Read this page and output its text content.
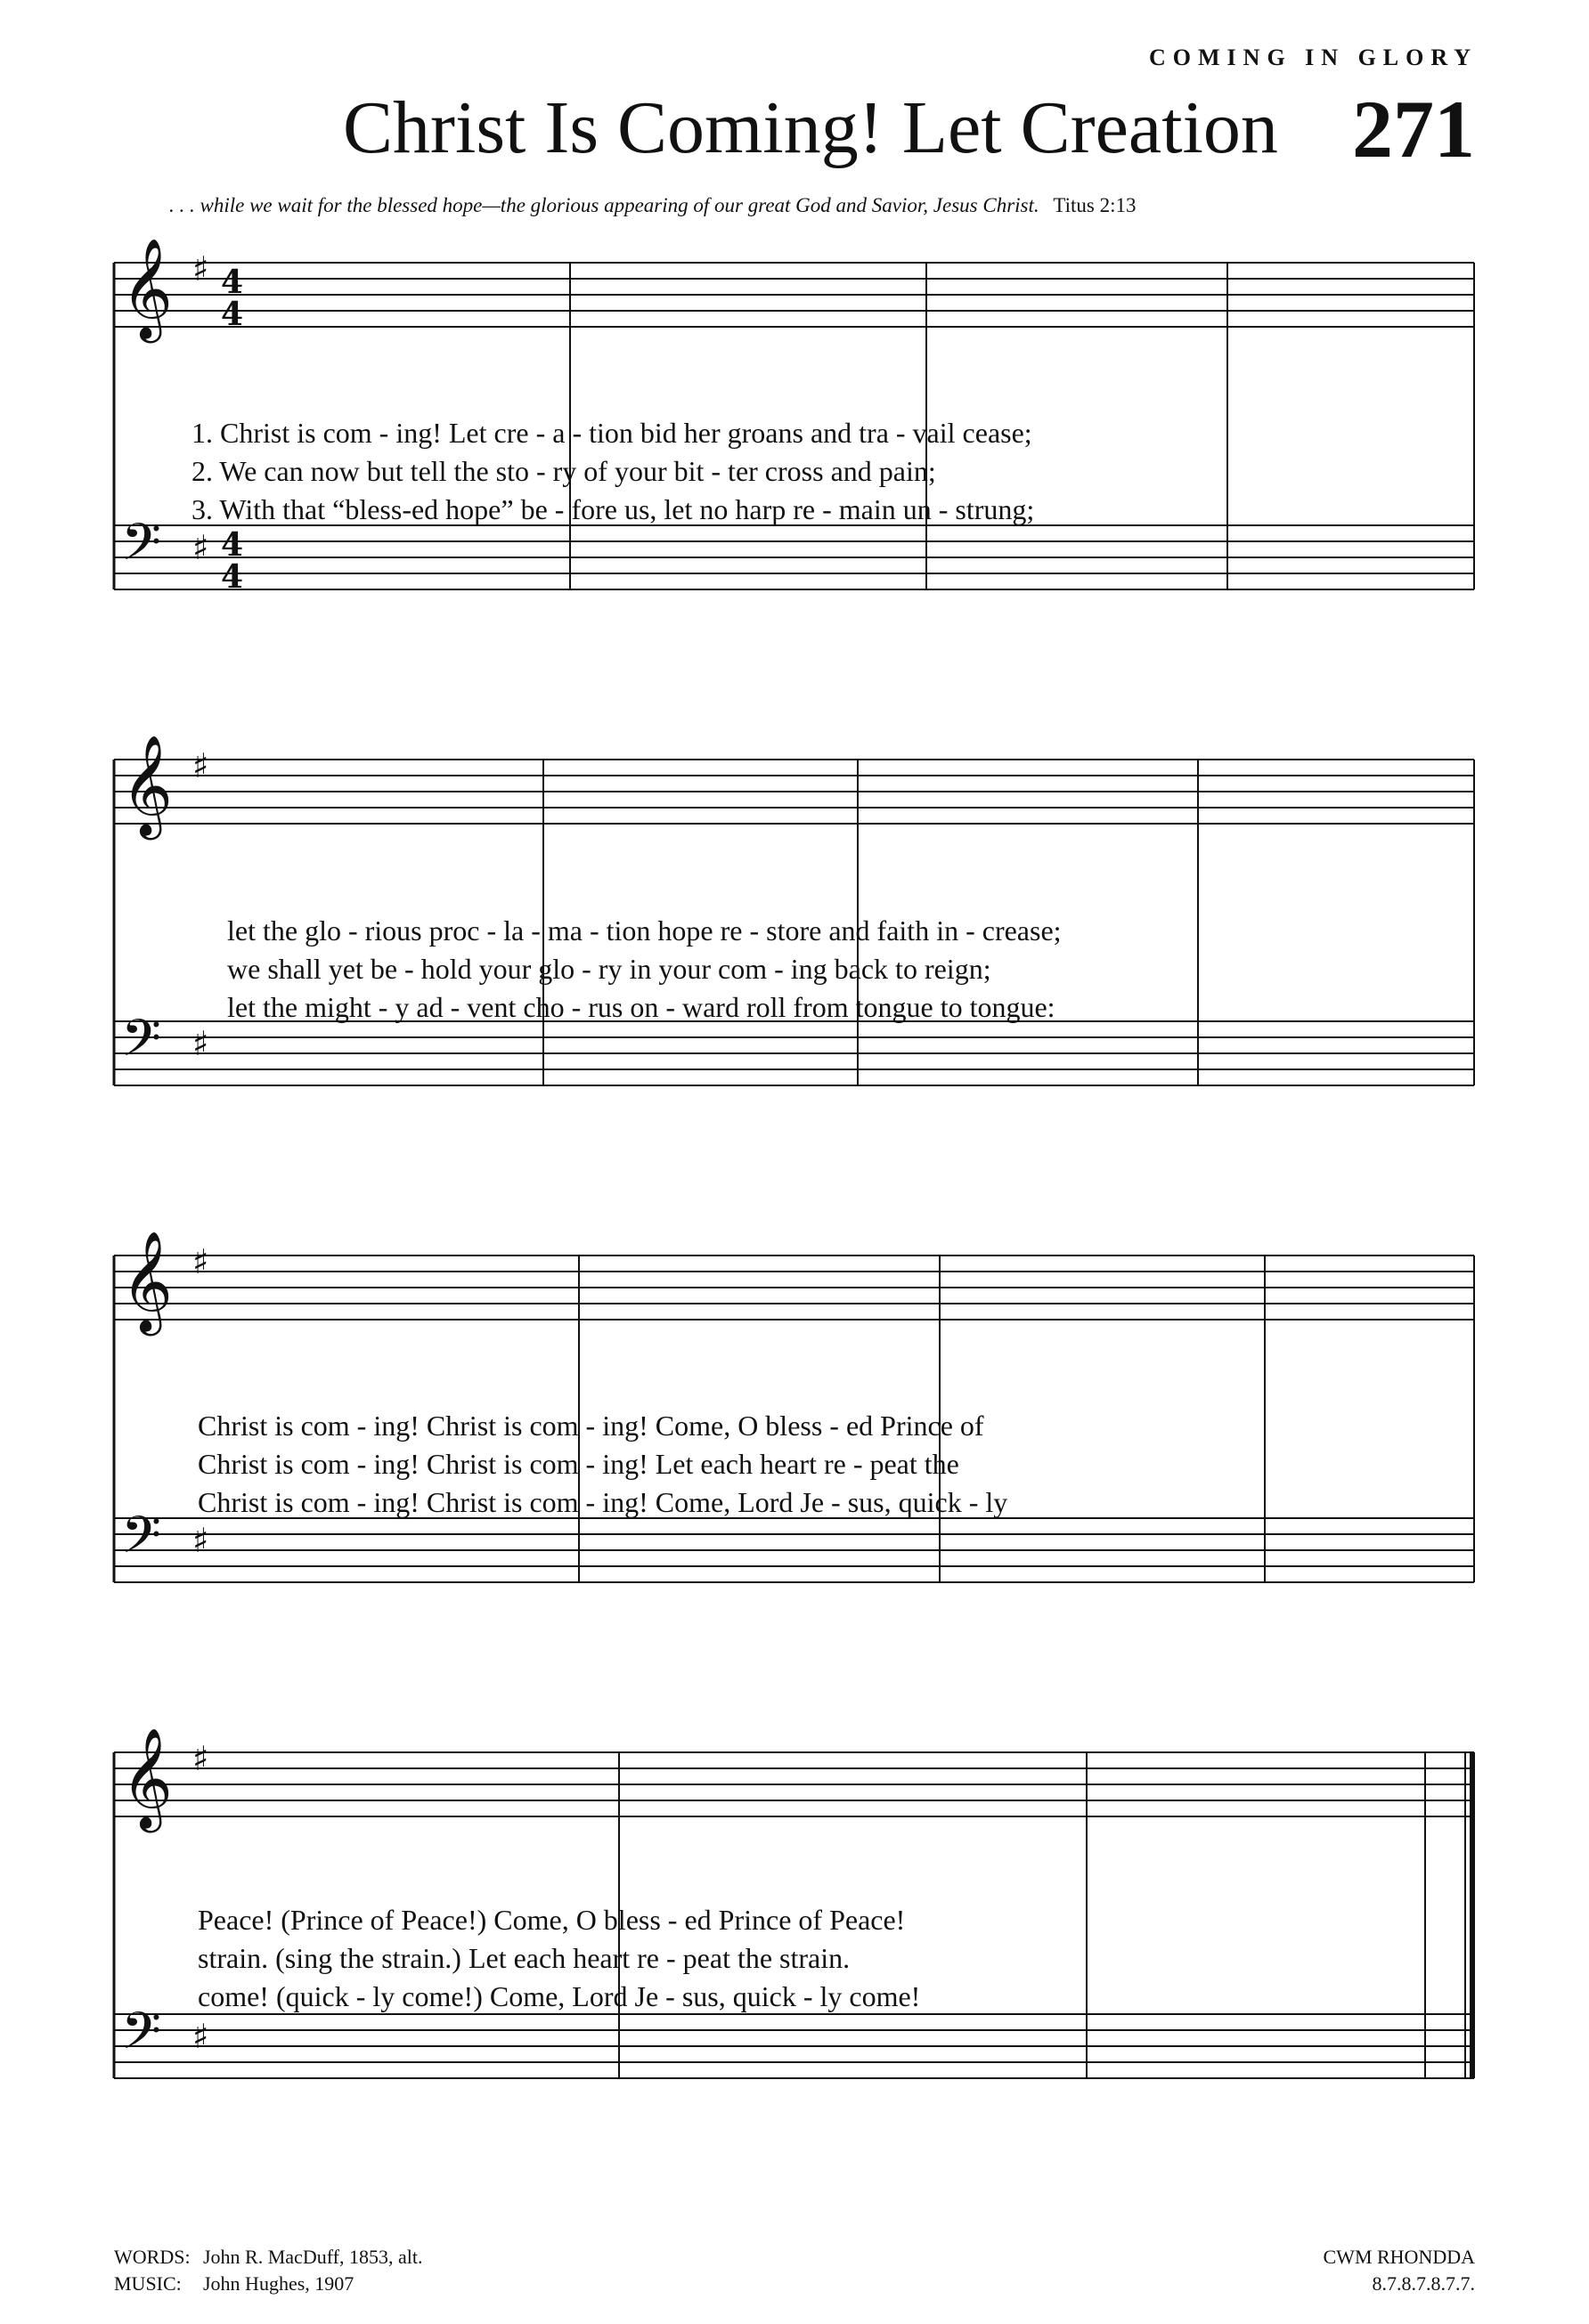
COMING IN GLORY
Christ Is Coming! Let Creation 271
. . . while we wait for the blessed hope—the glorious appearing of our great God and Savior, Jesus Christ. Titus 2:13
𝄞 ♯ 4
4
𝄢 ♯ 4
4
𝄞 ♯
𝄢 ♯
𝄞 ♯
𝄢 ♯
𝄞 ♯
𝄢 ♯
1. Christ is com - ing! Let cre - a - tion bid her groans and tra - vail cease;
2. We can now but tell the sto - ry of your bit - ter cross and pain;
3. With that “bless-ed hope” be - fore us, let no harp re - main un - strung;
let the glo - rious proc - la - ma - tion hope re - store and faith in - crease;
we shall yet be - hold your glo - ry in your com - ing back to reign;
let the might - y ad - vent cho - rus on - ward roll from tongue to tongue:
Christ is com - ing! Christ is com - ing! Come, O bless - ed Prince of
Christ is com - ing! Christ is com - ing! Let each heart re - peat the
Christ is com - ing! Christ is com - ing! Come, Lord Je - sus, quick - ly
Peace! (Prince of Peace!) Come, O bless - ed Prince of Peace!
strain. (sing the strain.) Let each heart re - peat the strain.
come! (quick - ly come!) Come, Lord Je - sus, quick - ly come!
WORDS: John R. MacDuff, 1853, alt.
MUSIC: John Hughes, 1907
CWM RHONDDA
8.7.8.7.8.7.7.
